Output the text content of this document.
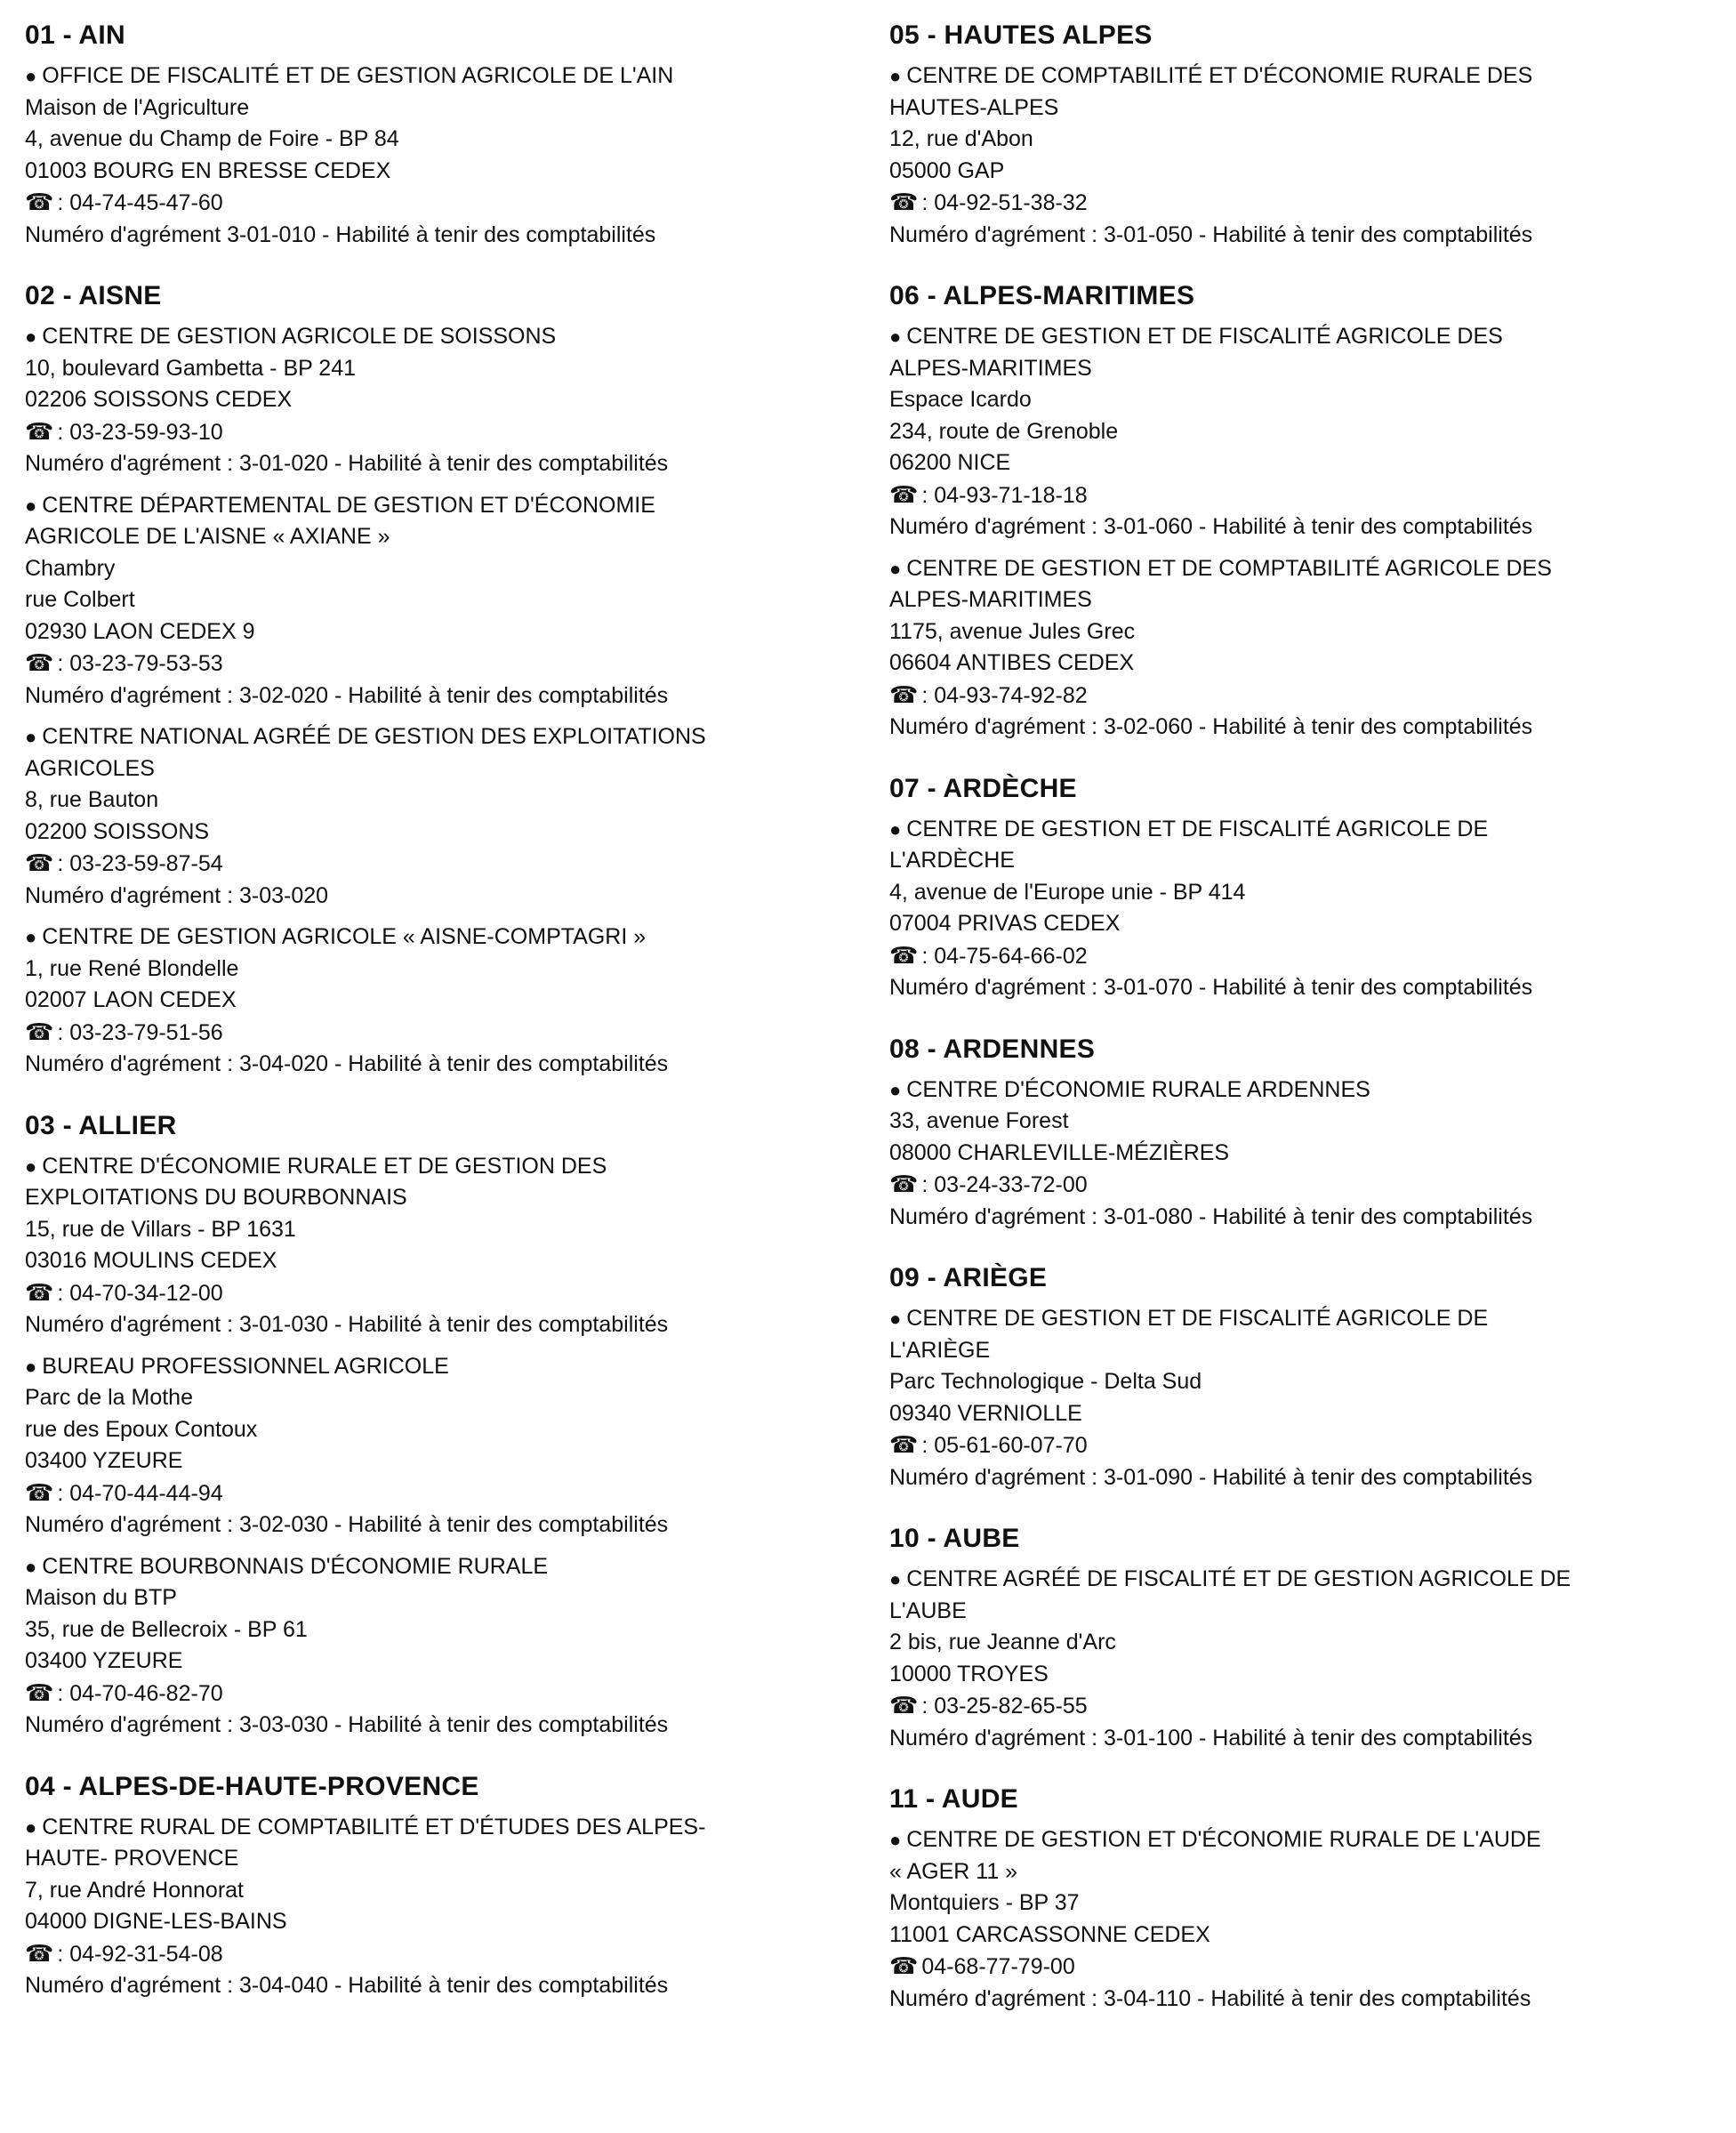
01 - AIN
● OFFICE DE FISCALITÉ ET DE GESTION AGRICOLE DE L'AIN
Maison de l'Agriculture
4, avenue du Champ de Foire - BP 84
01003 BOURG EN BRESSE CEDEX
☎ : 04-74-45-47-60
Numéro d'agrément 3-01-010 - Habilité à tenir des comptabilités
02 - AISNE
● CENTRE DE GESTION AGRICOLE DE SOISSONS
10, boulevard Gambetta - BP 241
02206 SOISSONS CEDEX
☎ : 03-23-59-93-10
Numéro d'agrément : 3-01-020 - Habilité à tenir des comptabilités
● CENTRE DÉPARTEMENTAL DE GESTION ET D'ÉCONOMIE
AGRICOLE DE L'AISNE « AXIANE »
Chambry
rue Colbert
02930 LAON CEDEX 9
☎ : 03-23-79-53-53
Numéro d'agrément : 3-02-020 - Habilité à tenir des comptabilités
● CENTRE NATIONAL AGRÉÉ DE GESTION DES EXPLOITATIONS
AGRICOLES
8, rue Bauton
02200 SOISSONS
☎ : 03-23-59-87-54
Numéro d'agrément : 3-03-020
● CENTRE DE GESTION AGRICOLE « AISNE-COMPTAGRI »
1, rue René Blondelle
02007 LAON CEDEX
☎ : 03-23-79-51-56
Numéro d'agrément : 3-04-020 - Habilité à tenir des comptabilités
03 - ALLIER
● CENTRE D'ÉCONOMIE RURALE ET DE GESTION DES
EXPLOITATIONS DU BOURBONNAIS
15, rue de Villars - BP 1631
03016 MOULINS CEDEX
☎ : 04-70-34-12-00
Numéro d'agrément : 3-01-030 - Habilité à tenir des comptabilités
● BUREAU PROFESSIONNEL AGRICOLE
Parc de la Mothe
rue des Epoux Contoux
03400 YZEURE
☎ : 04-70-44-44-94
Numéro d'agrément : 3-02-030 - Habilité à tenir des comptabilités
● CENTRE BOURBONNAIS D'ÉCONOMIE RURALE
Maison du BTP
35, rue de Bellecroix - BP 61
03400 YZEURE
☎ : 04-70-46-82-70
Numéro d'agrément : 3-03-030 - Habilité à tenir des comptabilités
04 - ALPES-DE-HAUTE-PROVENCE
● CENTRE RURAL DE COMPTABILITÉ ET D'ÉTUDES DES ALPES-
HAUTE- PROVENCE
7, rue André Honnorat
04000 DIGNE-LES-BAINS
☎ : 04-92-31-54-08
Numéro d'agrément : 3-04-040 - Habilité à tenir des comptabilités
05 - HAUTES ALPES
● CENTRE DE COMPTABILITÉ ET D'ÉCONOMIE RURALE DES
HAUTES-ALPES
12, rue d'Abon
05000 GAP
☎ : 04-92-51-38-32
Numéro d'agrément : 3-01-050 - Habilité à tenir des comptabilités
06 - ALPES-MARITIMES
● CENTRE DE GESTION ET DE FISCALITÉ AGRICOLE DES
ALPES-MARITIMES
Espace Icardo
234, route de Grenoble
06200 NICE
☎ : 04-93-71-18-18
Numéro d'agrément : 3-01-060 - Habilité à tenir des comptabilités
● CENTRE DE GESTION ET DE COMPTABILITÉ AGRICOLE DES
ALPES-MARITIMES
1175, avenue Jules Grec
06604 ANTIBES CEDEX
☎ : 04-93-74-92-82
Numéro d'agrément : 3-02-060 - Habilité à tenir des comptabilités
07 - ARDÈCHE
● CENTRE DE GESTION ET DE FISCALITÉ AGRICOLE DE
L'ARDÈCHE
4, avenue de l'Europe unie - BP 414
07004 PRIVAS CEDEX
☎ : 04-75-64-66-02
Numéro d'agrément : 3-01-070 - Habilité à tenir des comptabilités
08 - ARDENNES
● CENTRE D'ÉCONOMIE RURALE ARDENNES
33, avenue Forest
08000 CHARLEVILLE-MÉZIÈRES
☎ : 03-24-33-72-00
Numéro d'agrément : 3-01-080 - Habilité à tenir des comptabilités
09 - ARIÈGE
● CENTRE DE GESTION ET DE FISCALITÉ AGRICOLE DE
L'ARIÈGE
Parc Technologique - Delta Sud
09340 VERNIOLLE
☎ : 05-61-60-07-70
Numéro d'agrément : 3-01-090 - Habilité à tenir des comptabilités
10 - AUBE
● CENTRE AGRÉÉ DE FISCALITÉ ET DE GESTION AGRICOLE DE
L'AUBE
2 bis, rue Jeanne d'Arc
10000 TROYES
☎ : 03-25-82-65-55
Numéro d'agrément : 3-01-100 - Habilité à tenir des comptabilités
11 - AUDE
● CENTRE DE GESTION ET D'ÉCONOMIE RURALE DE L'AUDE
« AGER 11 »
Montquiers - BP 37
11001 CARCASSONNE CEDEX
☎ 04-68-77-79-00
Numéro d'agrément : 3-04-110 - Habilité à tenir des comptabilités
